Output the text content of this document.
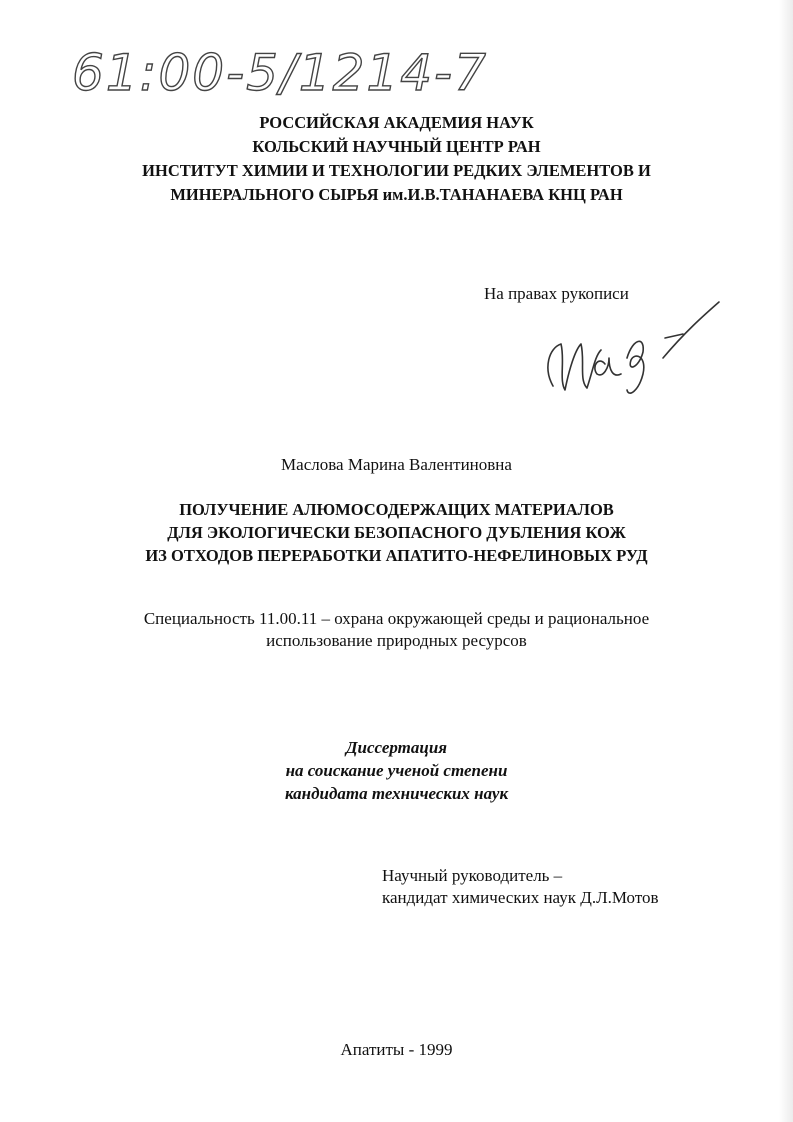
61:00-5/1214-7
РОССИЙСКАЯ АКАДЕМИЯ НАУК
КОЛЬСКИЙ НАУЧНЫЙ ЦЕНТР РАН
ИНСТИТУТ ХИМИИ И ТЕХНОЛОГИИ РЕДКИХ ЭЛЕМЕНТОВ И
МИНЕРАЛЬНОГО СЫРЬЯ им.И.В.ТАНАНАЕВА КНЦ РАН
На правах рукописи
Маслова Марина Валентиновна
ПОЛУЧЕНИЕ АЛЮМОСОДЕРЖАЩИХ МАТЕРИАЛОВ
ДЛЯ ЭКОЛОГИЧЕСКИ БЕЗОПАСНОГО ДУБЛЕНИЯ КОЖ
ИЗ ОТХОДОВ ПЕРЕРАБОТКИ АПАТИТО-НЕФЕЛИНОВЫХ РУД
Специальность 11.00.11 – охрана окружающей среды и рациональное
использование природных ресурсов
Диссертация
на соискание ученой степени
кандидата технических наук
Научный руководитель –
кандидат химических наук Д.Л.Мотов
Апатиты - 1999
